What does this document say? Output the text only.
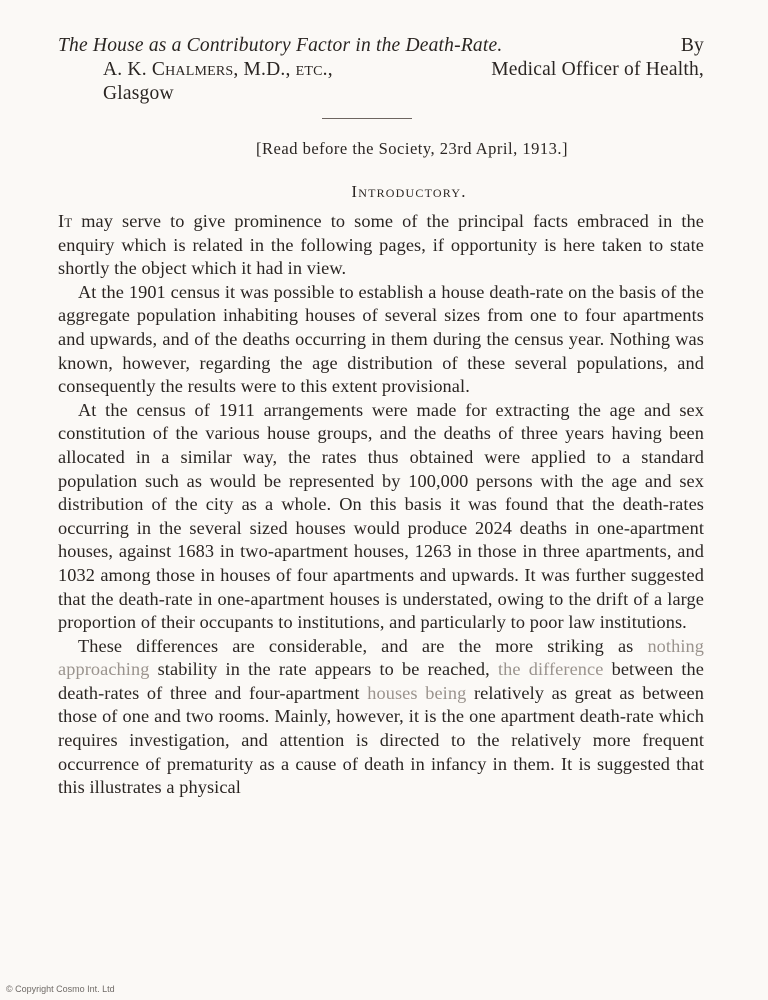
The House as a Contributory Factor in the Death-Rate.	By
A. K. Chalmers, M.D., etc.,	Medical Officer of Health,
Glasgow
[Read before the Society, 23rd April, 1913.]
Introductory.

It may serve to give prominence to some of the principal facts embraced in the enquiry which is related in the following pages, if opportunity is here taken to state shortly the object which it had in view.

At the 1901 census it was possible to establish a house death-rate on the basis of the aggregate population inhabiting houses of several sizes from one to four apartments and upwards, and of the deaths occurring in them during the census year. Nothing was known, however, regarding the age distribution of these several populations, and consequently the results were to this extent provisional.

At the census of 1911 arrangements were made for extracting the age and sex constitution of the various house groups, and the deaths of three years having been allocated in a similar way, the rates thus obtained were applied to a standard population such as would be represented by 100,000 persons with the age and sex distribution of the city as a whole. On this basis it was found that the death-rates occurring in the several sized houses would produce 2024 deaths in one-apartment houses, against 1683 in two-apartment houses, 1263 in those in three apartments, and 1032 among those in houses of four apartments and upwards. It was further suggested that the death-rate in one-apartment houses is understated, owing to the drift of a large proportion of their occupants to institutions, and particularly to poor law institutions.

These differences are considerable, and are the more striking as nothing approaching stability in the rate appears to be reached, the difference between the death-rates of three and four-apartment houses being relatively as great as between those of one and two rooms. Mainly, however, it is the one apartment death-rate which requires investigation, and attention is directed to the relatively more frequent occurrence of prematurity as a cause of death in infancy in them. It is suggested that this illustrates a physical

© Copyright Cosmo Int. Ltd
